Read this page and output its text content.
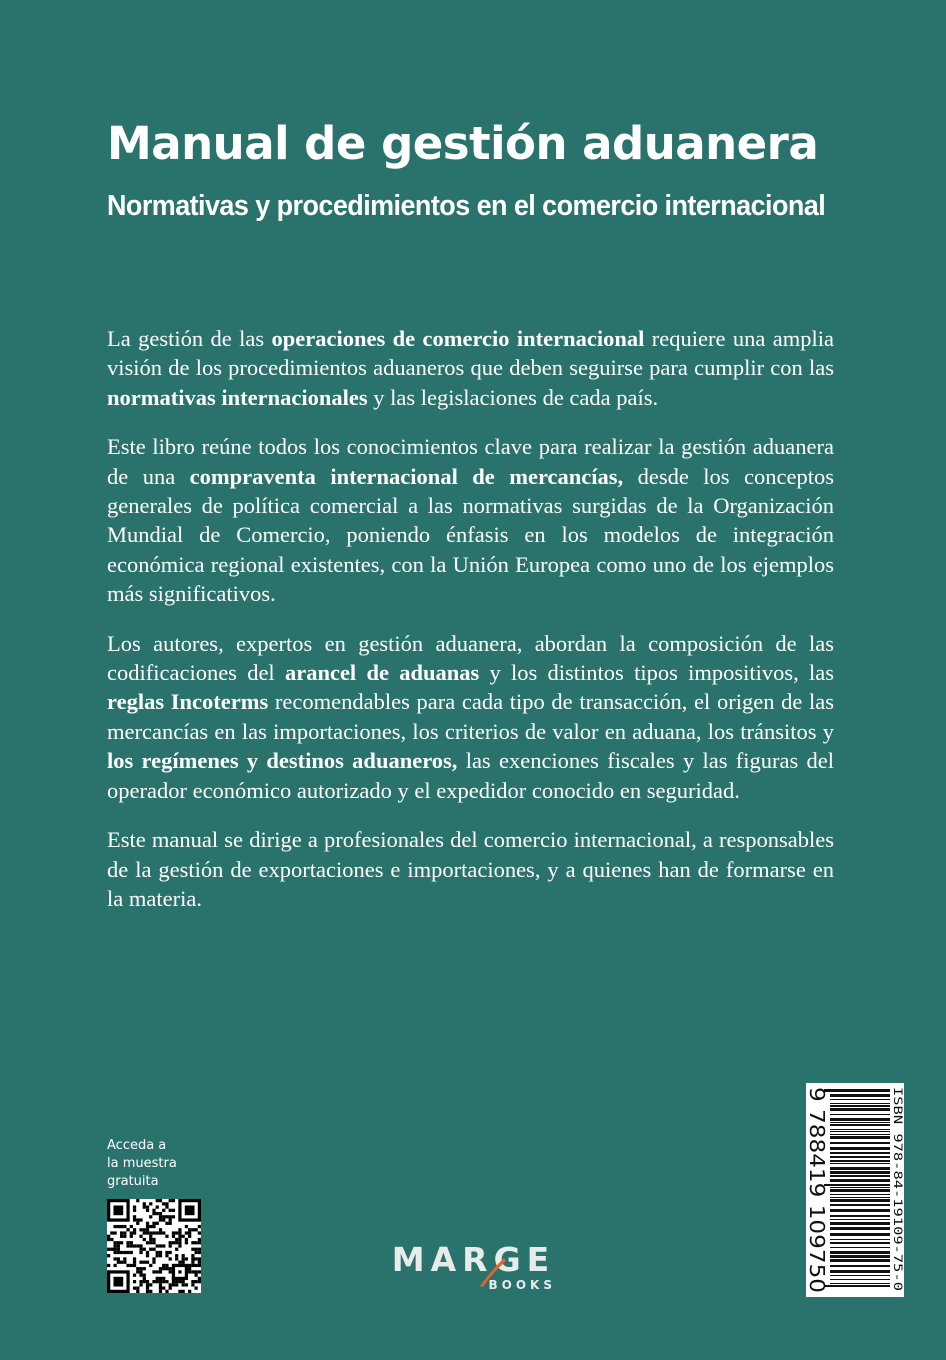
Manual de gestión aduanera
Normativas y procedimientos en el comercio internacional

La gestión de las operaciones de comercio internacional requiere una amplia visión de los procedimientos aduaneros que deben seguirse para cumplir con las normativas internacionales y las legislaciones de cada país.

Este libro reúne todos los conocimientos clave para realizar la gestión aduanera de una compraventa internacional de mercancías, desde los conceptos generales de política comercial a las normativas surgidas de la Organización Mundial de Comercio, poniendo énfasis en los modelos de integración económica regional existentes, con la Unión Europea como uno de los ejemplos más significativos.

Los autores, expertos en gestión aduanera, abordan la composición de las codificaciones del arancel de aduanas y los distintos tipos impositivos, las reglas Incoterms recomendables para cada tipo de transacción, el origen de las mercancías en las importaciones, los criterios de valor en aduana, los tránsitos y los regímenes y destinos aduaneros, las exenciones fiscales y las figuras del operador económico autorizado y el expedidor conocido en seguridad.

Este manual se dirige a profesionales del comercio internacional, a responsables de la gestión de exportaciones e importaciones, y a quienes han de formarse en la materia.

Acceda a
la muestra
gratuita
MARGE
BOOKS
ISBN 978-84-19109-75-0
9 788419 109750
